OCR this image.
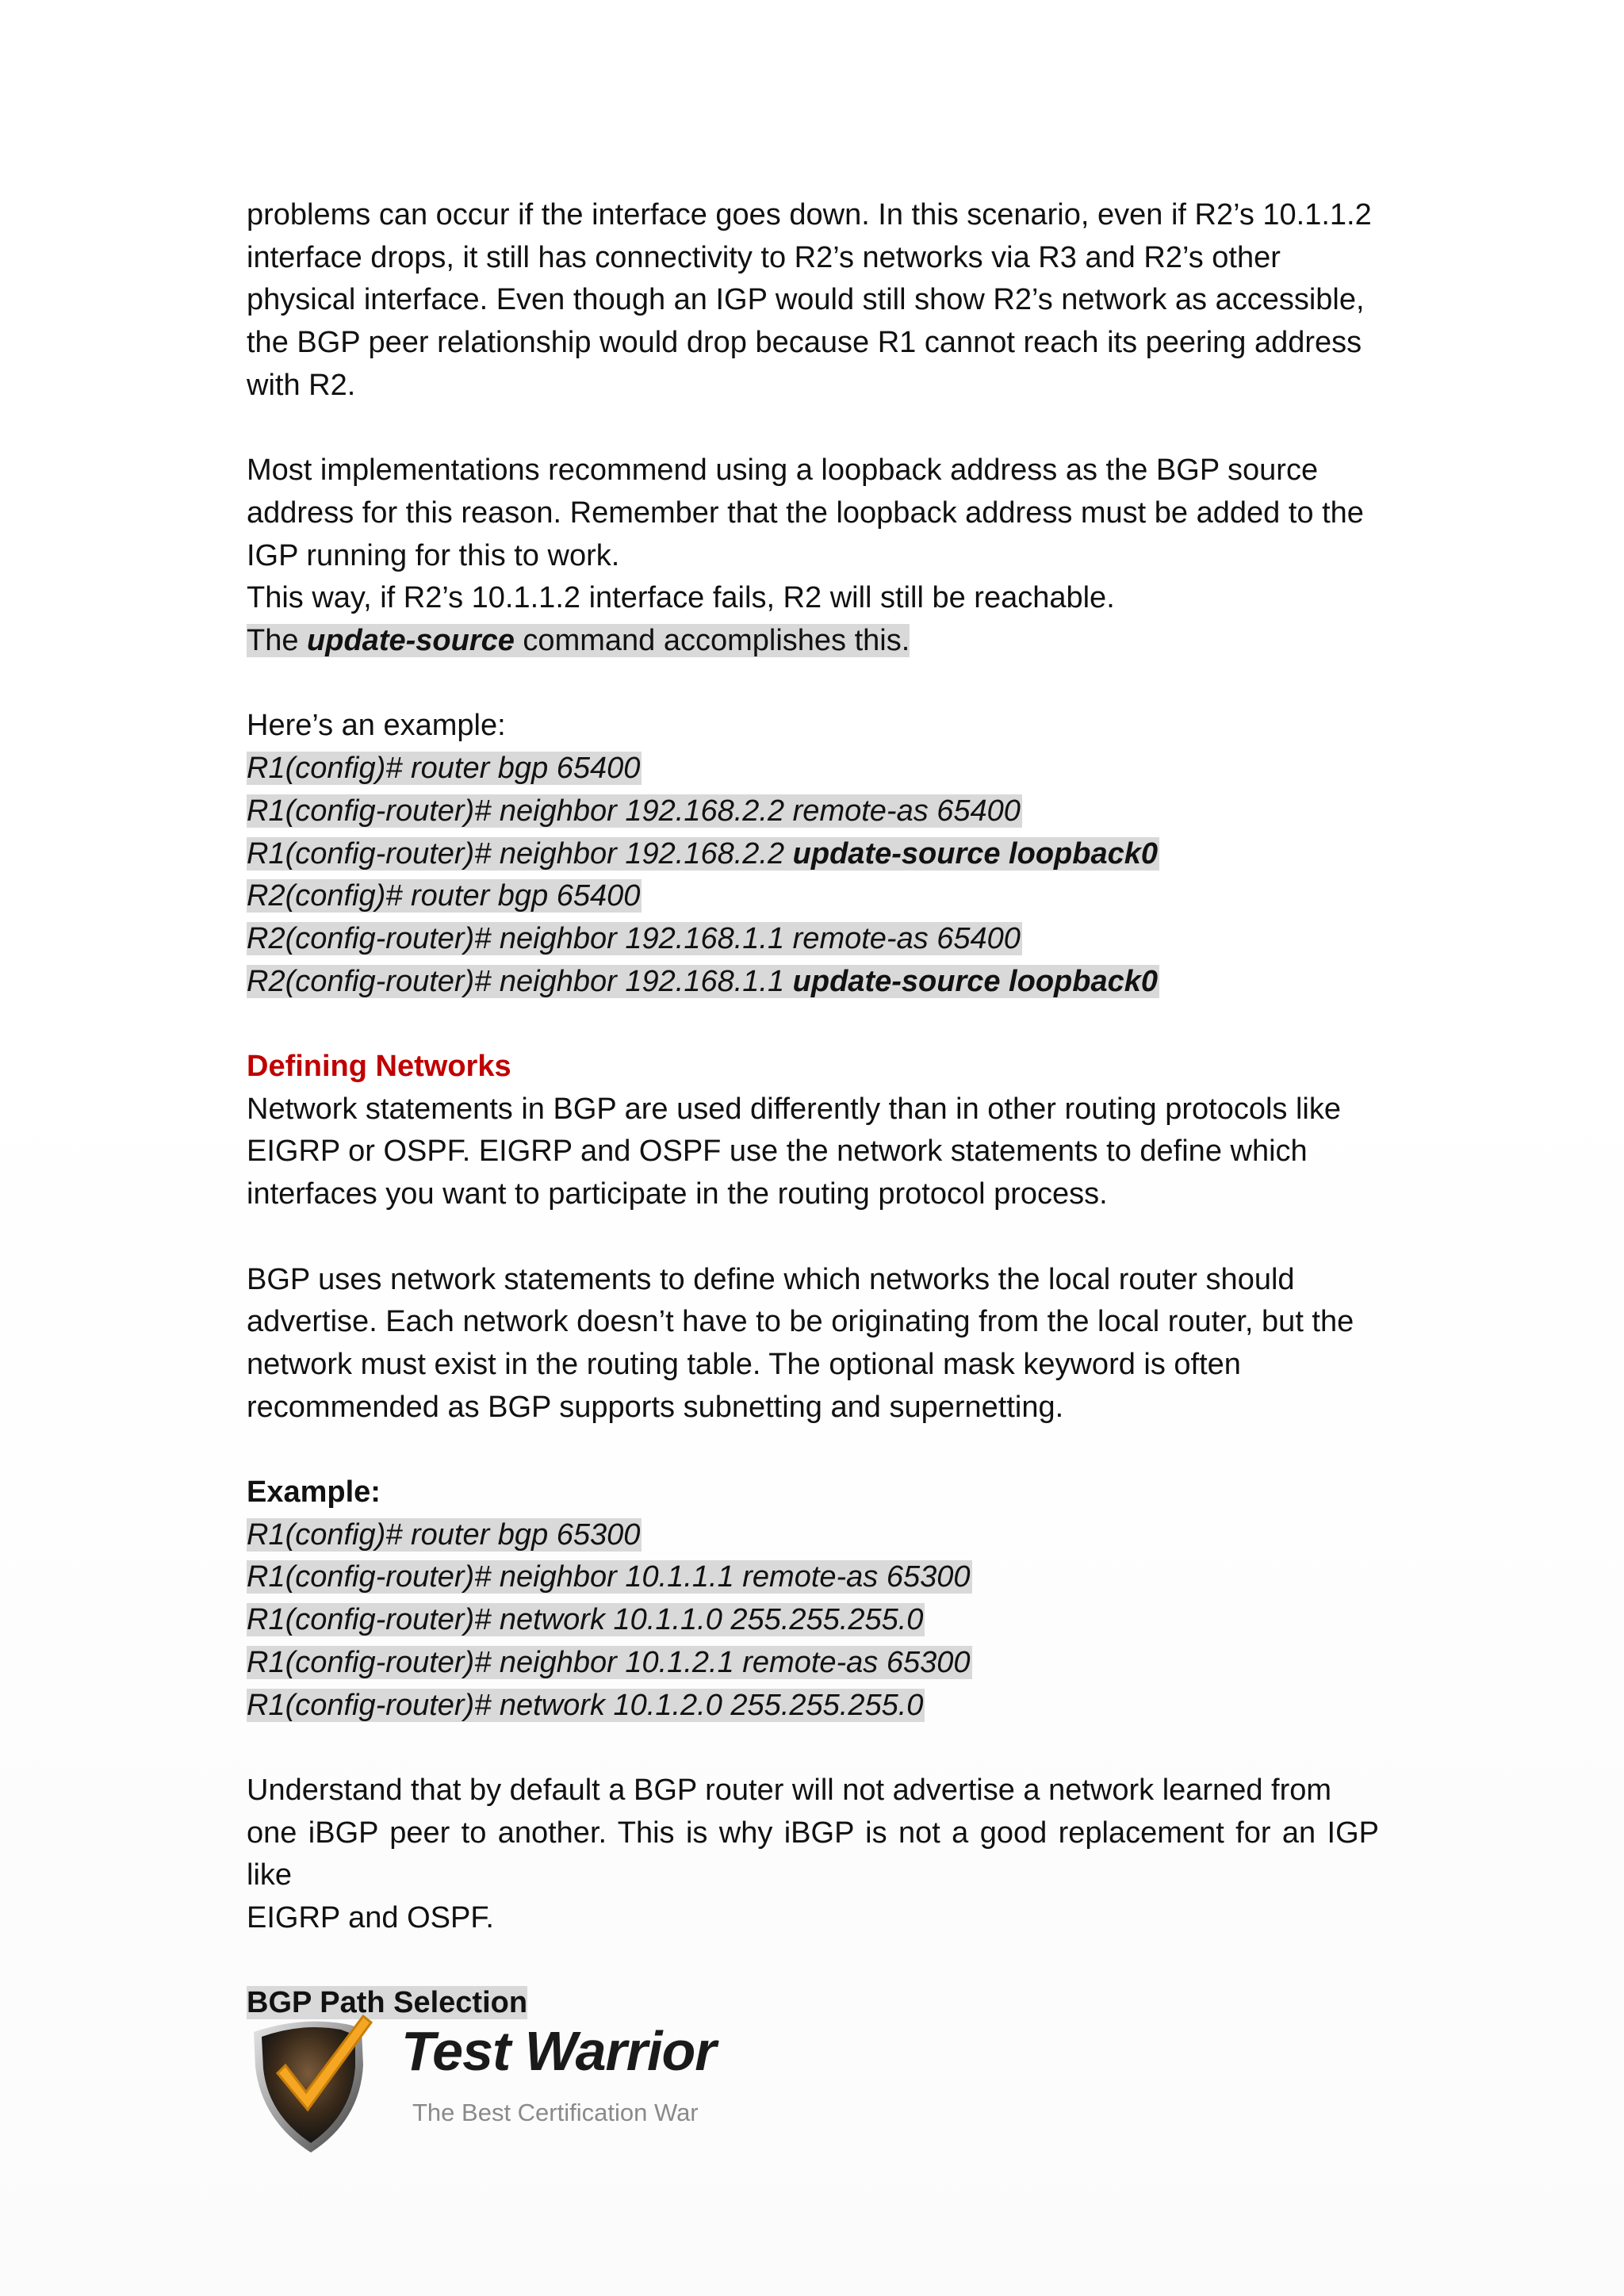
problems can occur if the interface goes down. In this scenario, even if R2’s 10.1.1.2

interface drops, it still has connectivity to R2’s networks via R3 and R2’s other

physical interface. Even though an IGP would still show R2’s network as accessible,

the BGP peer relationship would drop because R1 cannot reach its peering address

with R2.

Most implementations recommend using a loopback address as the BGP source

address for this reason. Remember that the loopback address must be added to the

IGP running for this to work.

This way, if R2’s 10.1.1.2 interface fails, R2 will still be reachable.

The update-source command accomplishes this.

Here’s an example:

R1(config)# router bgp 65400
R1(config-router)# neighbor 192.168.2.2 remote-as 65400
R1(config-router)# neighbor 192.168.2.2 update-source loopback0
R2(config)# router bgp 65400
R2(config-router)# neighbor 192.168.1.1 remote-as 65400
R2(config-router)# neighbor 192.168.1.1 update-source loopback0

Defining Networks

Network statements in BGP are used differently than in other routing protocols like

EIGRP or OSPF. EIGRP and OSPF use the network statements to define which

interfaces you want to participate in the routing protocol process.

BGP uses network statements to define which networks the local router should

advertise. Each network doesn’t have to be originating from the local router, but the

network must exist in the routing table. The optional mask keyword is often

recommended as BGP supports subnetting and supernetting.

Example:

R1(config)# router bgp 65300
R1(config-router)# neighbor 10.1.1.1 remote-as 65300
R1(config-router)# network 10.1.1.0 255.255.255.0
R1(config-router)# neighbor 10.1.2.1 remote-as 65300
R1(config-router)# network 10.1.2.0 255.255.255.0

Understand that by default a BGP router will not advertise a network learned from

one iBGP peer to another. This is why iBGP is not a good replacement for an IGP like

EIGRP and OSPF.

BGP Path Selection

Test Warrior
The Best Certification War
